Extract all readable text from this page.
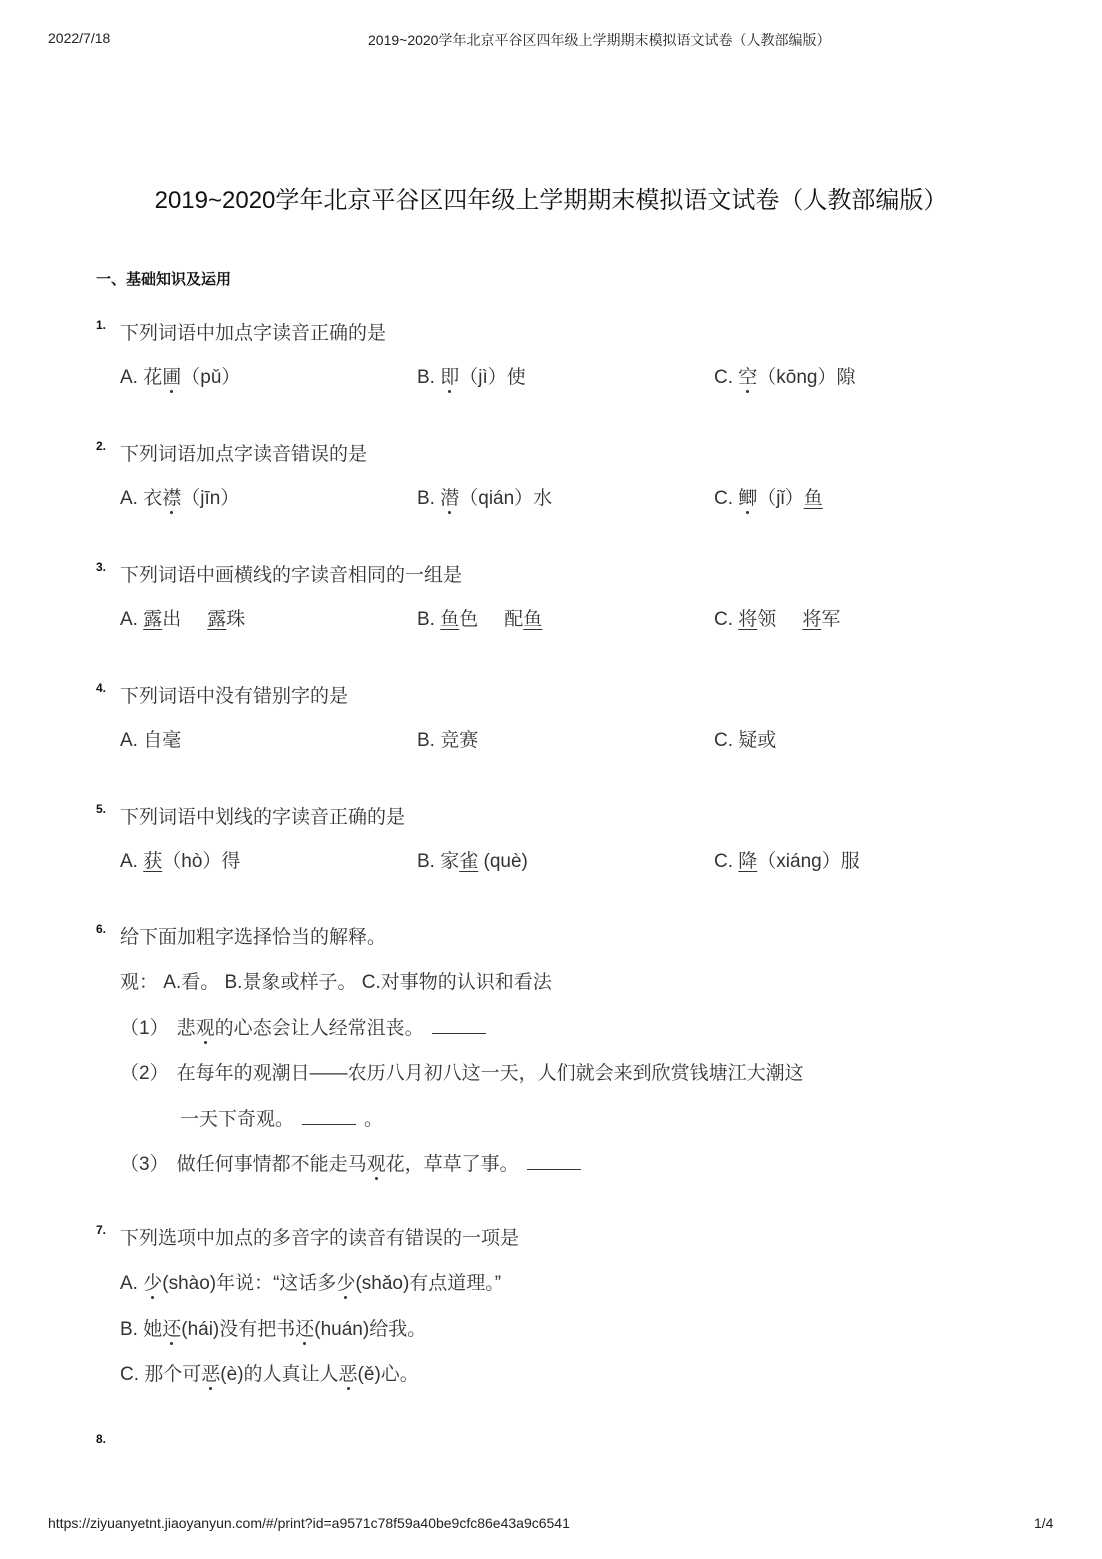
2022/7/18	2019~2020学年北京平谷区四年级上学期期末模拟语文试卷（人教部编版）
2019~2020学年北京平谷区四年级上学期期末模拟语文试卷（人教部编版）
一、基础知识及运用
1. 下列词语中加点字读音正确的是
A. 花圃（pǔ）	B. 即（jì）使	C. 空（kōng）隙
2. 下列词语加点字读音错误的是
A. 衣襟（jīn）	B. 潜（qián）水	C. 鲫（jǐ）鱼
3. 下列词语中画横线的字读音相同的一组是
A. 露出 露珠	B. 鱼色 配鱼	C. 将领 将军
4. 下列词语中没有错别字的是
A. 自毫	B. 竞赛	C. 疑或
5. 下列词语中划线的字读音正确的是
A. 获（hò）得	B. 家雀 (què)	C. 降（xiáng）服
6. 给下面加粗字选择恰当的解释。
观： A.看。 B.景象或样子。 C.对事物的认识和看法
（1） 悲观的心态会让人经常沮丧。
（2） 在每年的观潮日——农历八月初八这一天，人们就会来到欣赏钱塘江大潮这
一天下奇观。	。
（3） 做任何事情都不能走马观花，草草了事。
7. 下列选项中加点的多音字的读音有错误的一项是
A. 少(shào)年说：“这话多少(shǎo)有点道理。”
B. 她还(hái)没有把书还(huán)给我。
C. 那个可恶(è)的人真让人恶(ě)心。
8.
https://ziyuanyetnt.jiaoyanyun.com/#/print?id=a9571c78f59a40be9cfc86e43a9c6541	1/4
